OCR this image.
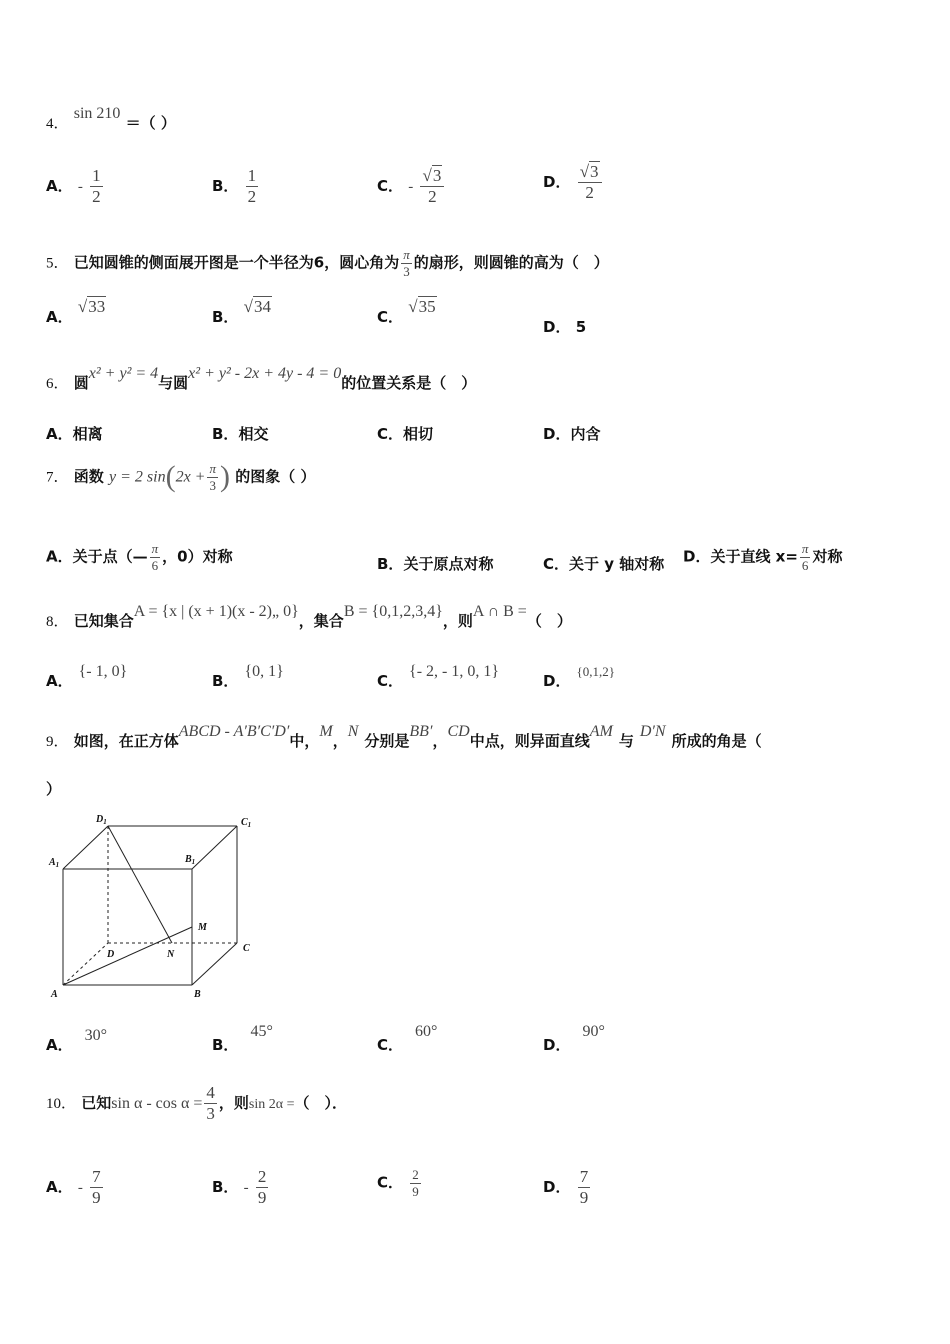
4． sin 210 ＝（ ）
A． - $\frac{1}{2}$	B． $\frac{1}{2}$	C． - $\frac{√3}{2}$	D． $\frac{√3}{2}$
5． 已知圆锥的侧面展开图是一个半径为6，圆心角为 $\frac{\pi}{3}$ 的扇形，则圆锥的高为（　）
A． √33
B． √34
C． √35
D． 5
6． 圆x² + y² = 4与圆x² + y² - 2x + 4y - 4 = 0的位置关系是（　）
A．相离	B．相交	C．相切	D．内含
7． 函数 y = 2 $\sin(2x + \frac{\pi}{3}$ ) 的图象（ ）
A．关于点（— $\frac{\pi}{6}$ ，0）对称	B．关于原点对称	C．关于 y 轴对称 D．关于直线 $x= \frac{\pi}{6}$ 对称
8． 已知集合A = {x | (x + 1)(x - 2)„ 0}，集合B = {0,1,2,3,4}，则A ∩ B =（　）
A．{- 1, 0}
B．{0, 1}
C．{- 2, - 1, 0, 1}
D．{0,1,2}
9． 如图，在正方体ABCD - A′B′C′D′中，M，N分别是BB′，CD中点，则异面直线AM与D′N所成的角是（
）
$D_1$	$C_1$
$A_1$	$B_1$
M
D	N
C
A	B
A．30°
B．45°
C．60°
D．90°
10． 已知$\sin \alpha - \cos \alpha = \frac{4}{3}$ ，则sin 2α =（　）．
A． - $\frac{7}{9}$	B． - $\frac{2}{9}$	C． $\frac{2}{9}$	D． $\frac{7}{9}$
